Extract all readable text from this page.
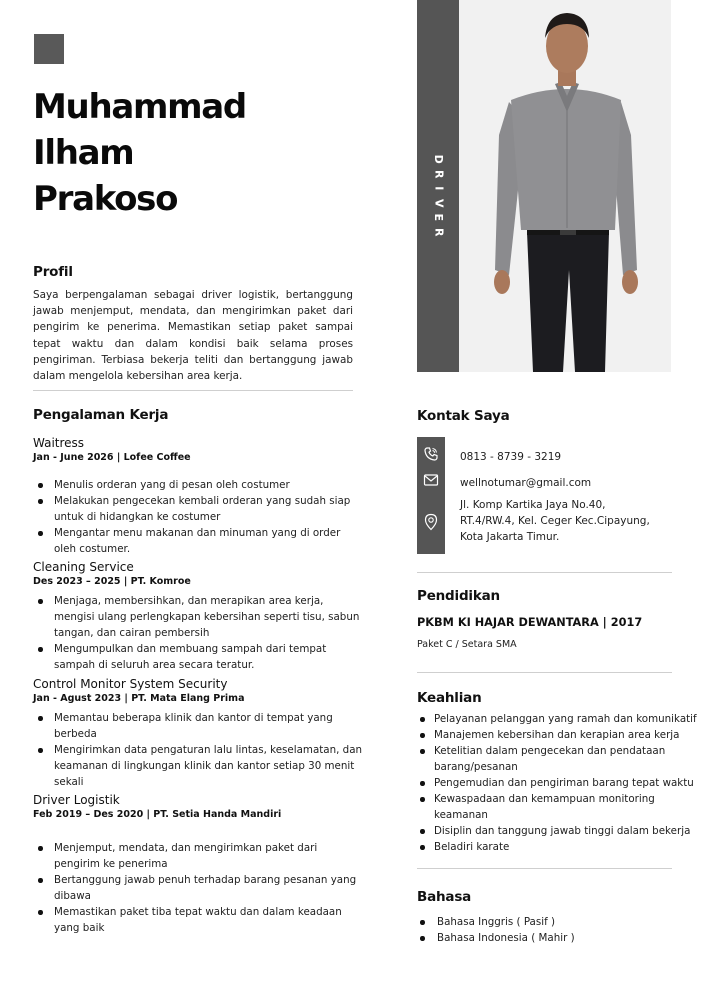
Muhammad
Ilham
Prakoso
Profil

Saya berpengalaman sebagai driver logistik, bertanggung jawab menjemput, mendata, dan mengirimkan paket dari pengirim ke penerima. Memastikan setiap paket sampai tepat waktu dan dalam kondisi baik selama proses pengiriman. Terbiasa bekerja teliti dan bertanggung jawab dalam mengelola kebersihan area kerja.

Pengalaman Kerja
Waitress
Jan - June 2026 | Lofee Coffee
Menulis orderan yang di pesan oleh costumer
Melakukan pengecekan kembali orderan yang sudah siap untuk di hidangkan ke costumer
Mengantar menu makanan dan minuman yang di order oleh costumer.
Cleaning Service
Des 2023 – 2025 | PT. Komroe
Menjaga, membersihkan, dan merapikan area kerja, mengisi ulang perlengkapan kebersihan seperti tisu, sabun tangan, dan cairan pembersih
Mengumpulkan dan membuang sampah dari tempat sampah di seluruh area secara teratur.
Control Monitor System Security
Jan - Agust 2023 | PT. Mata Elang Prima
Memantau beberapa klinik dan kantor di tempat yang berbeda
Mengirimkan data pengaturan lalu lintas, keselamatan, dan keamanan di lingkungan klinik dan kantor setiap 30 menit sekali
Driver Logistik
Feb 2019 – Des 2020 | PT. Setia Handa Mandiri
Menjemput, mendata, dan mengirimkan paket dari pengirim ke penerima
Bertanggung jawab penuh terhadap barang pesanan yang dibawa
Memastikan paket tiba tepat waktu dan dalam keadaan yang baik
D
R
I
V
E
R
Kontak Saya
0813 - 8739 - 3219
wellnotumar@gmail.com
Jl. Komp Kartika Jaya No.40,
RT.4/RW.4, Kel. Ceger Kec.Cipayung,
Kota Jakarta Timur.
Pendidikan
PKBM KI HAJAR DEWANTARA | 2017
Paket C / Setara SMA
Keahlian
Pelayanan pelanggan yang ramah dan komunikatif
Manajemen kebersihan dan kerapian area kerja
Ketelitian dalam pengecekan dan pendataan barang/pesanan
Pengemudian dan pengiriman barang tepat waktu
Kewaspadaan dan kemampuan monitoring keamanan
Disiplin dan tanggung jawab tinggi dalam bekerja
Beladiri karate
Bahasa
Bahasa Inggris ( Pasif )
Bahasa Indonesia ( Mahir )
